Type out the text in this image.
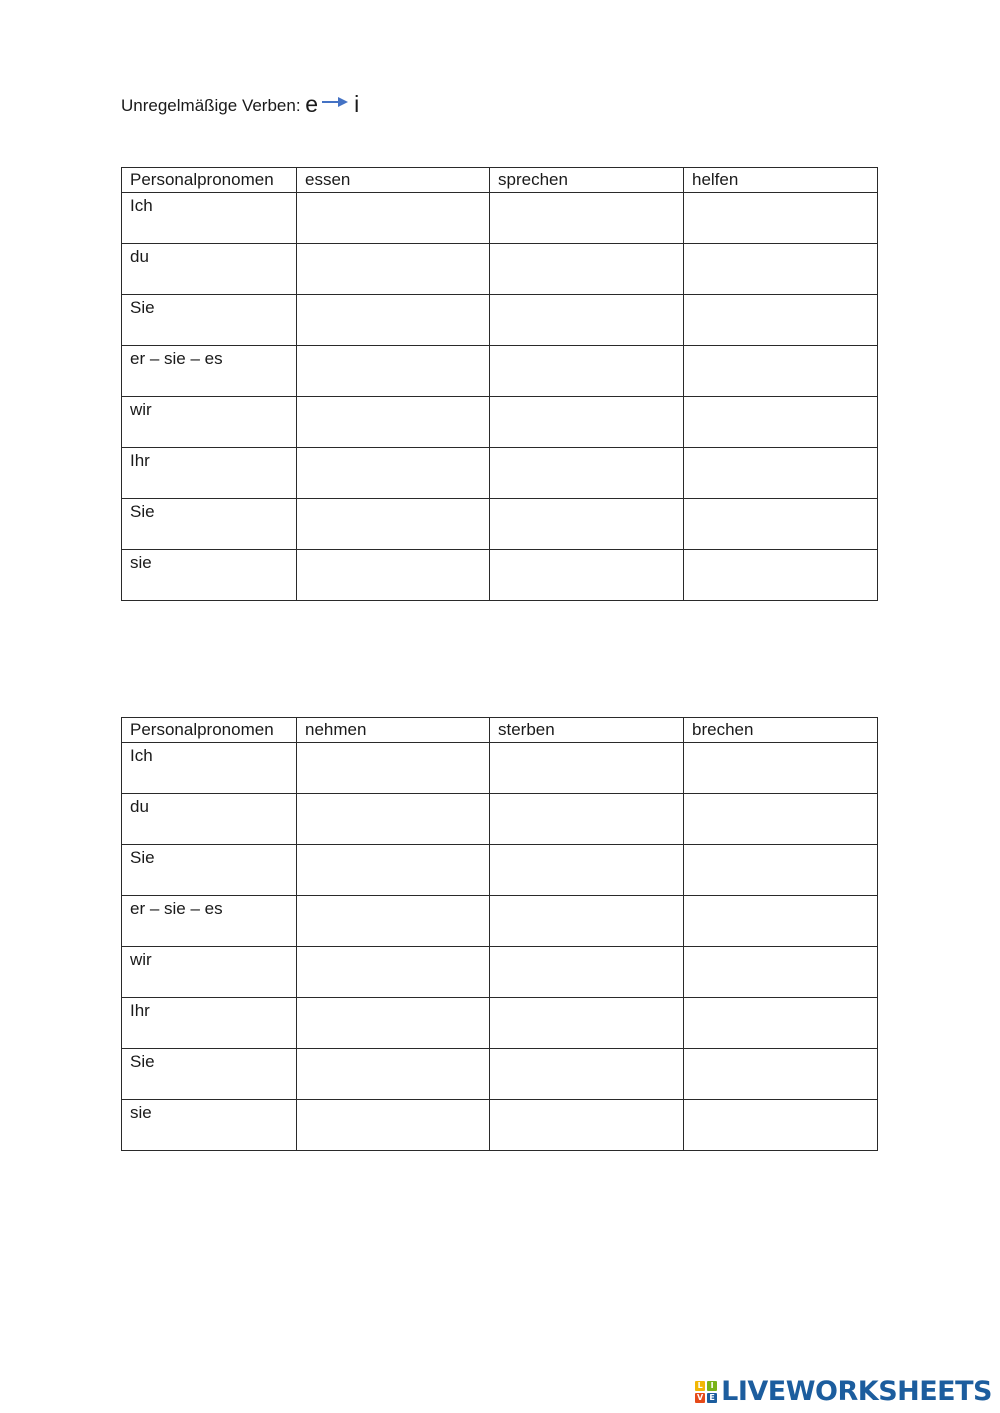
Unregelmäßige Verben: e i
Personalpronomen	essen	sprechen	helfen
Ich			
du			
Sie			
er – sie – es			
wir			
Ihr			
Sie			
sie			
Personalpronomen	nehmen	sterben	brechen
Ich			
du			
Sie			
er – sie – es			
wir			
Ihr			
Sie			
sie			
L I
V E LIVEWORKSHEETS
